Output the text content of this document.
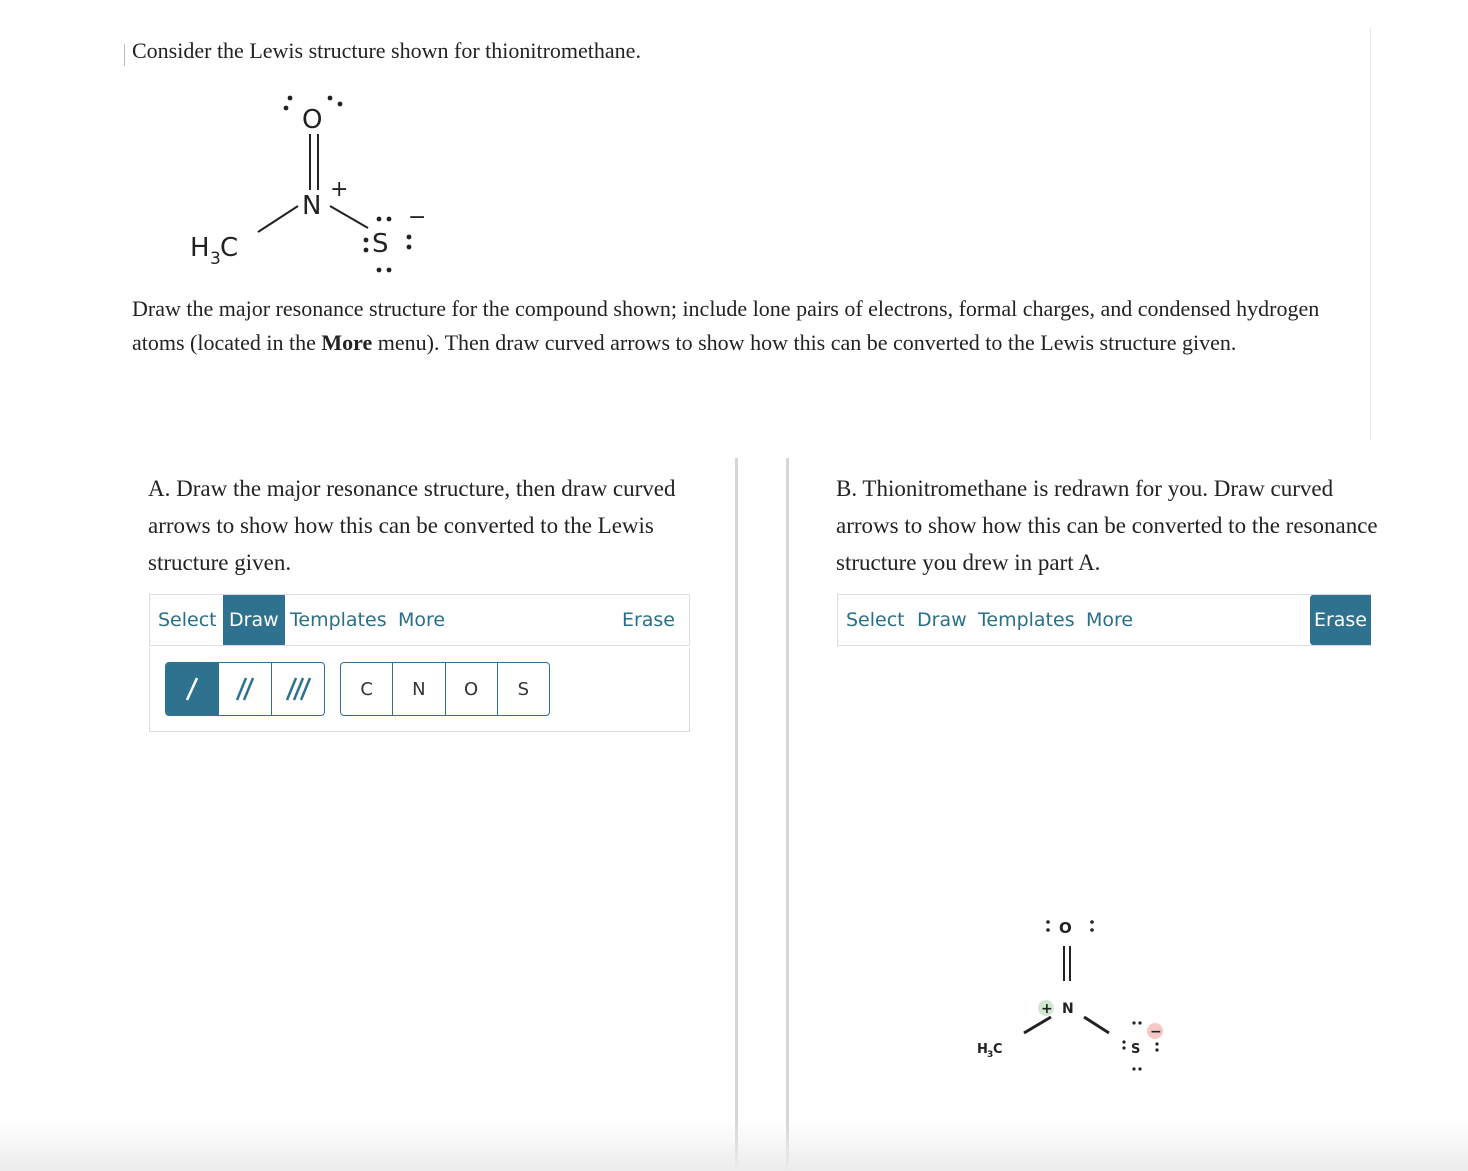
Consider the Lewis structure shown for thionitromethane.
O
N
+
H 3 C	S
−
Draw the major resonance structure for the compound shown; include lone pairs of electrons, formal charges, and condensed hydrogen atoms (located in the More menu). Then draw curved arrows to show how this can be converted to the Lewis structure given.
A. Draw the major resonance structure, then draw curved arrows to show how this can be converted to the Lewis structure given.
Select Draw Templates More	Erase
C	N	O	S
B. Thionitromethane is redrawn for you. Draw curved arrows to show how this can be converted to the resonance structure you drew in part A.
Select Draw Templates More	Erase
O
+ N
H 3 C
−
S
